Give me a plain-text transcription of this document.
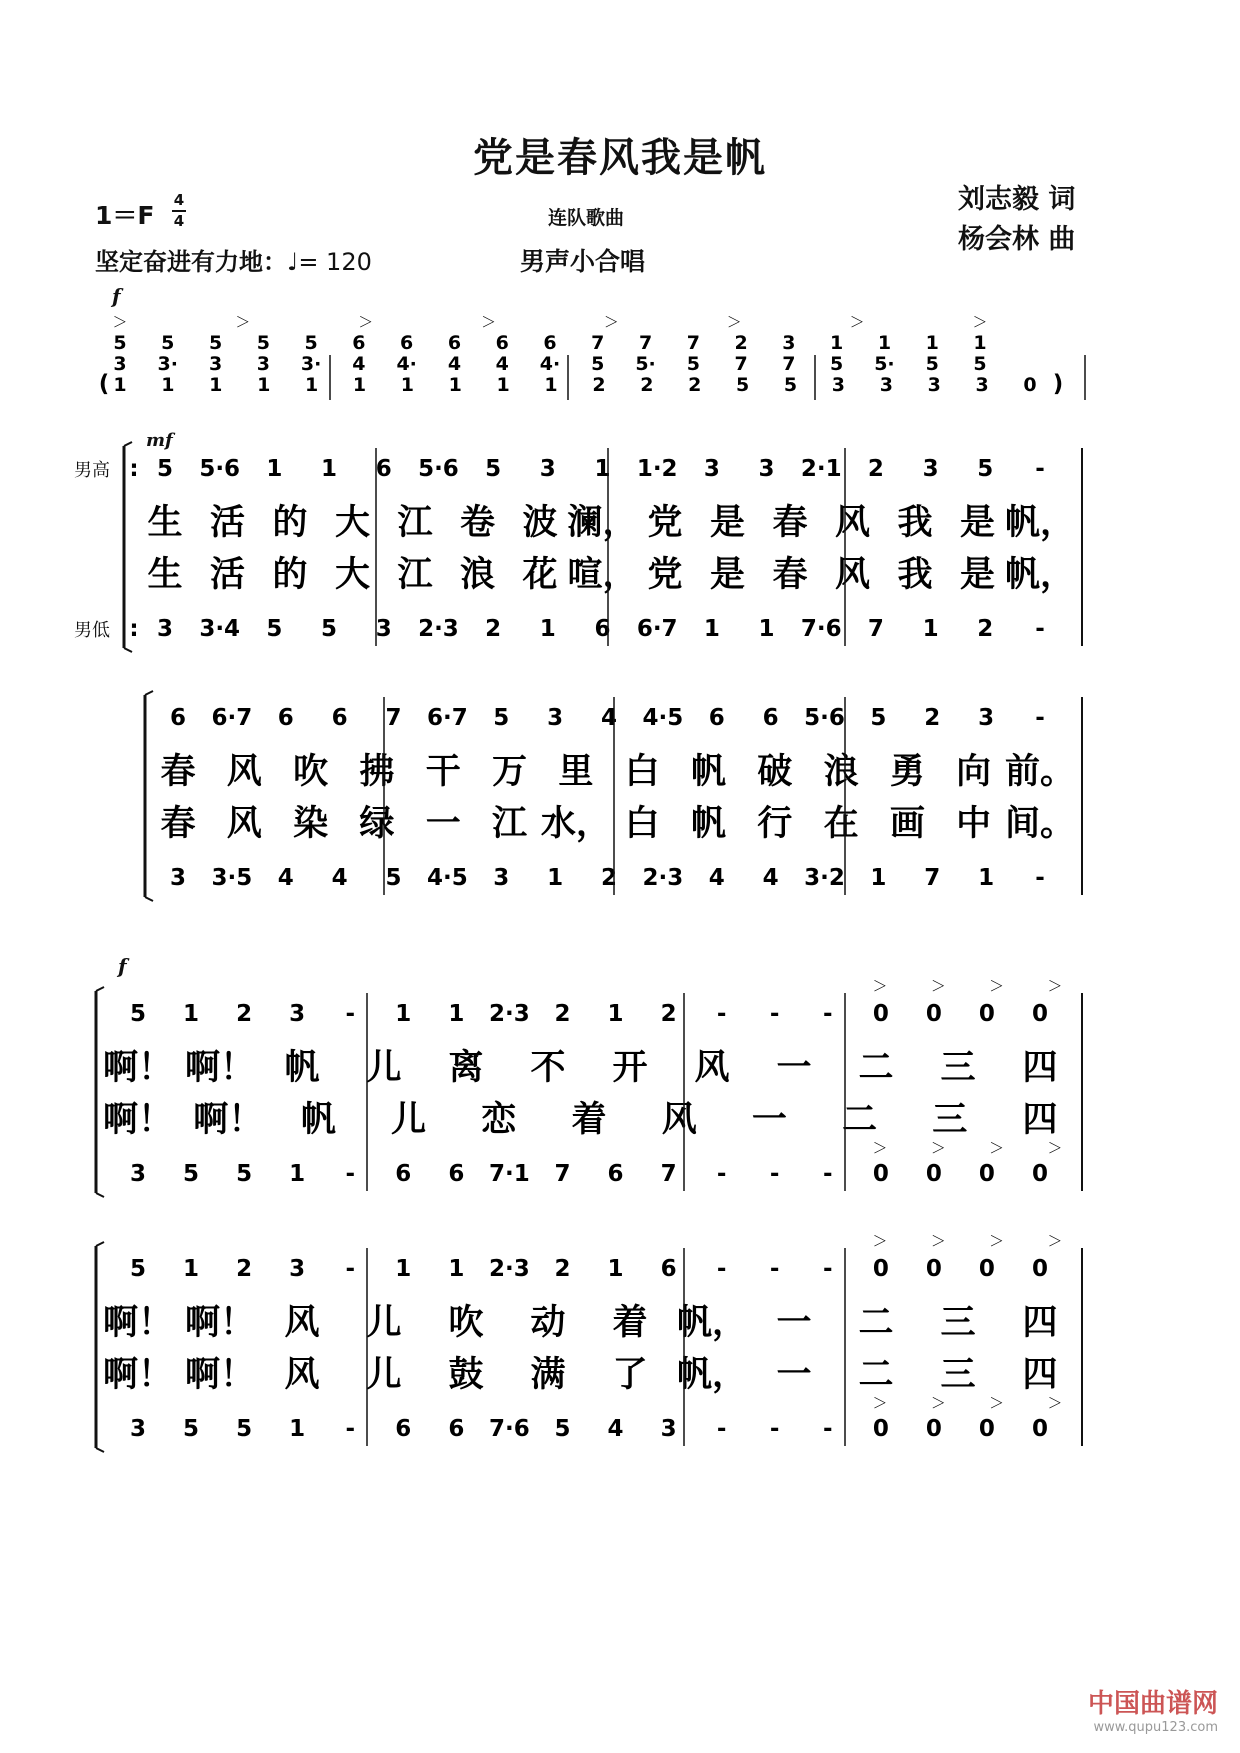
党是春风我是帆
1＝F
4
4
坚定奋进有力地：♩= 120
连队歌曲
男声小合唱
刘志毅 词
杨会林 曲
f
mf
f
男高
男低
中国曲谱网
www.qupu123.com
(	)
＞	＞	＞	＞	＞	＞	＞	＞
5 5 5 5 5 6 6 6 6 6 7 7 7 2 3 1 1 1 1
3 3· 3 3 3· 4 4· 4 4 4· 5 5· 5 7 7 5 5· 5 5
1 1 1 1 1 1 1 1 1 1 2 2 2 5 5 3 3 3 3 0
5 5·6 1 1 6 5·6 5 3 1 1·2 3 3 2·1 2 3 5 -
生 活 的 大 江 卷 波 澜， 党 是 春 风 我 是 帆，
生 活 的 大 江 浪 花 喧， 党 是 春 风 我 是 帆，
3 3·4 5 5 3 2·3 2 1 6 6·7 1 1 7·6 7 1 2 -
:
:
6 6·7 6 6 7 6·7 5 3 4 4·5 6 6 5·6 5 2 3 -
春 风 吹 拂 干 万 里 白 帆 破 浪 勇 向 前。
春 风 染 绿 一 江 水， 白 帆 行 在 画 中 间。
3 3·5 4 4 5 4·5 3 1 2 2·3 4 4 3·2 1 7 1 -
5 1 2 3 - 1 1 2·3 2 1 2 - - - 0 0 0 0
啊！ 啊！ 帆 儿 离 不 开 风 一 二 三 四
啊！ 啊！ 帆 儿 恋 着 风 一 二 三 四
3 5 5 1 - 6 6 7·1 7 6 7 - - - 0 0 0 0
5 1 2 3 - 1 1 2·3 2 1 6 - - - 0 0 0 0
啊！ 啊！ 风 儿 吹 动 着 帆， 一 二 三 四
啊！ 啊！ 风 儿 鼓 满 了 帆， 一 二 三 四
3 5 5 1 - 6 6 7·6 5 4 3 - - - 0 0 0 0
＞	＞	＞	＞
＞	＞	＞	＞
＞	＞	＞	＞
＞	＞	＞	＞
